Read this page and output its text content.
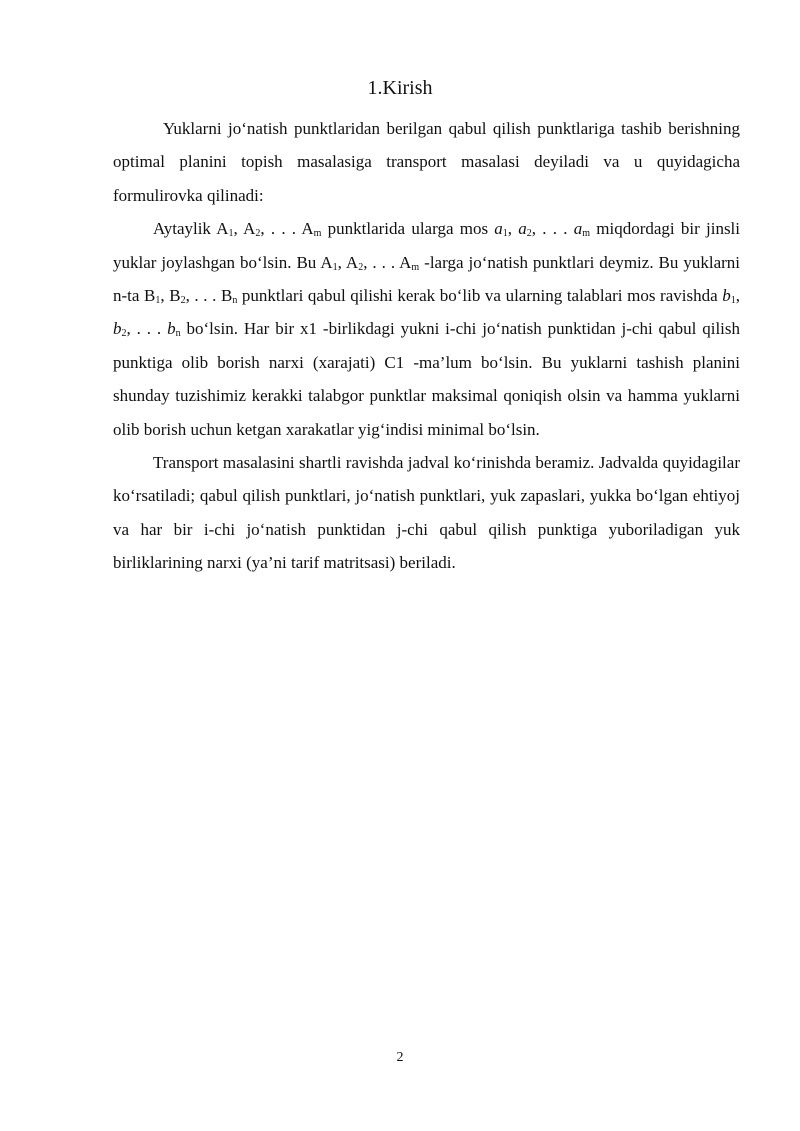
1.Kirish

Yuklarni jo‘natish punktlaridan berilgan qabul qilish punktlariga tashib berishning optimal planini topish masalasiga transport masalasi deyiladi va u quyidagicha formulirovka qilinadi:

Aytaylik $A_1$, $A_2$, . . . $A_m$ punktlarida ularga mos $a_1$, $a_2$, . . . $a_m$ miqdordagi bir jinsli yuklar joylashgan bo‘lsin. Bu $A_1$, $A_2$, . . . $A_m$ -larga jo‘natish punktlari deymiz. Bu yuklarni n-ta $B_1$, $B_2$, . . . $B_n$ punktlari qabul qilishi kerak bo‘lib va ularning talablari mos ravishda $b_1$, $b_2$, . . . $b_n$ bo‘lsin. Har bir x1 -birlikdagi yukni i-chi jo‘natish punktidan j-chi qabul qilish punktiga olib borish narxi (xarajati) C1 -ma’lum bo‘lsin. Bu yuklarni tashish planini shunday tuzishimiz kerakki talabgor punktlar maksimal qoniqish olsin va hamma yuklarni olib borish uchun ketgan xarakatlar yig‘indisi minimal bo‘lsin.

Transport masalasini shartli ravishda jadval ko‘rinishda beramiz. Jadvalda quyidagilar ko‘rsatiladi; qabul qilish punktlari, jo‘natish punktlari, yuk zapaslari, yukka bo‘lgan ehtiyoj va har bir i-chi jo‘natish punktidan j-chi qabul qilish punktiga yuboriladigan yuk birliklarining narxi (ya’ni tarif matritsasi) beriladi.

2
